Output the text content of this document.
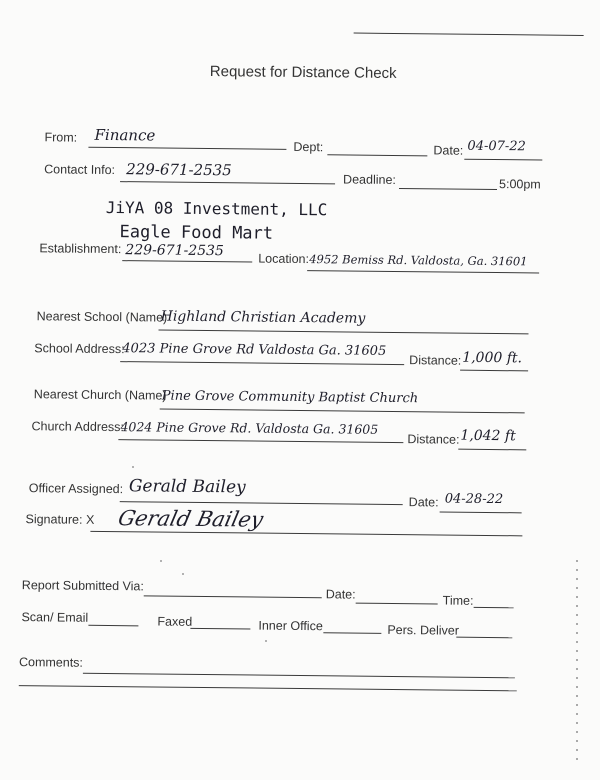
Request for Distance Check
From: Finance
Dept:	Date: 04-07-22
Contact Info: 229-671-2535
Deadline:	5:00pm
JiYA 08 Investment, LLC
Eagle Food Mart
Establishment: 229-671-2535	Location: 4952 Bemiss Rd. Valdosta, Ga. 31601
Nearest School (Name)
Highland Christian Academy
School Address:
4023 Pine Grove Rd Valdosta Ga. 31605
Distance: 1,000 ft.
Nearest Church (Name)
Pine Grove Community Baptist Church
Church Address:
4024 Pine Grove Rd. Valdosta Ga. 31605
Distance: 1,042 ft
Officer Assigned: Gerald Bailey
Date: 04-28-22
Signature: X Gerald Bailey
Report Submitted Via:
Date:	Time:
Scan/ Email	Faxed	Inner Office	Pers. Deliver
Comments:
